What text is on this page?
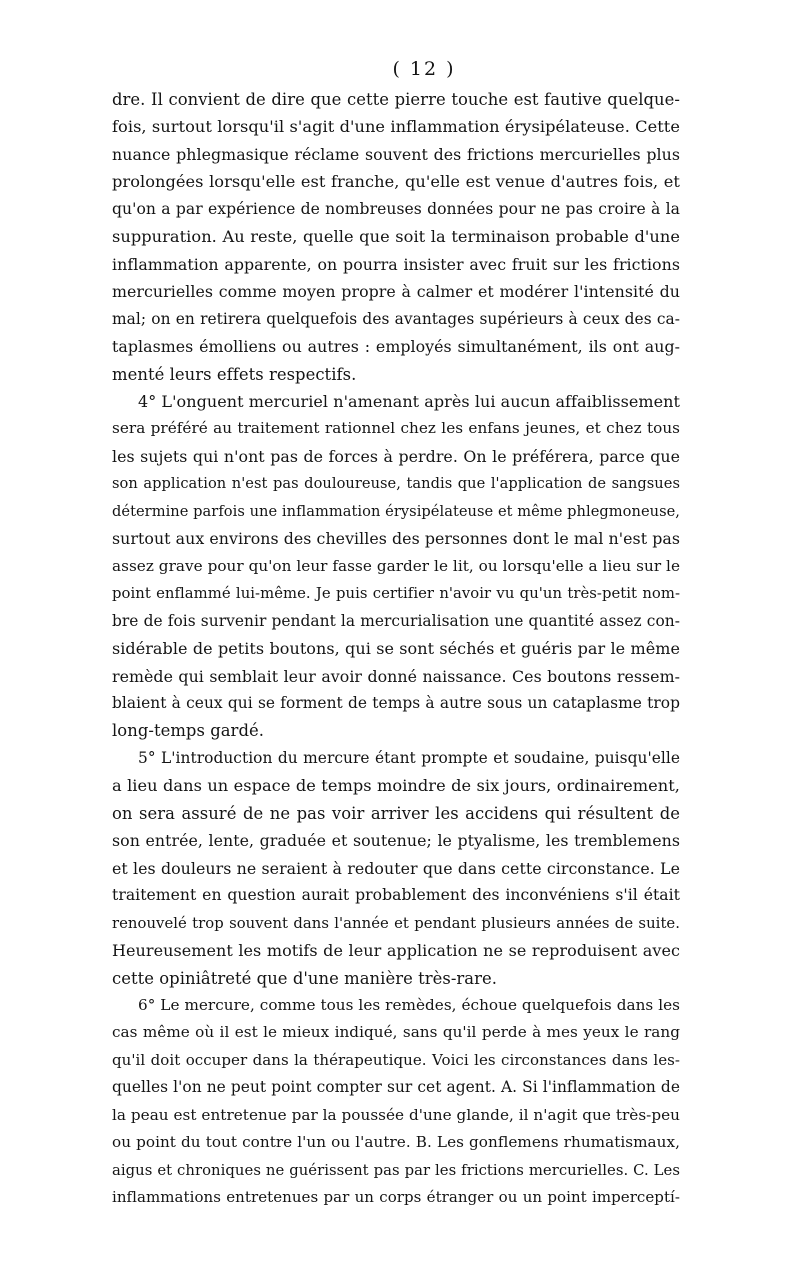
( 12 )
dre. Il convient de dire que cette pierre touche est fautive quelque-
fois, surtout lorsqu'il s'agit d'une inflammation érysipélateuse. Cette
nuance phlegmasique réclame souvent des frictions mercurielles plus
prolongées lorsqu'elle est franche, qu'elle est venue d'autres fois, et
qu'on a par expérience de nombreuses données pour ne pas croire à la
suppuration. Au reste, quelle que soit la terminaison probable d'une
inflammation apparente, on pourra insister avec fruit sur les frictions
mercurielles comme moyen propre à calmer et modérer l'intensité du
mal; on en retirera quelquefois des avantages supérieurs à ceux des ca-
taplasmes émolliens ou autres : employés simultanément, ils ont aug-
menté leurs effets respectifs.
4° L'onguent mercuriel n'amenant après lui aucun affaiblissement
sera préféré au traitement rationnel chez les enfans jeunes, et chez tous
les sujets qui n'ont pas de forces à perdre. On le préférera, parce que
son application n'est pas douloureuse, tandis que l'application de sangsues
détermine parfois une inflammation érysipélateuse et même phlegmoneuse,
surtout aux environs des chevilles des personnes dont le mal n'est pas
assez grave pour qu'on leur fasse garder le lit, ou lorsqu'elle a lieu sur le
point enflammé lui-même. Je puis certifier n'avoir vu qu'un très-petit nom-
bre de fois survenir pendant la mercurialisation une quantité assez con-
sidérable de petits boutons, qui se sont séchés et guéris par le même
remède qui semblait leur avoir donné naissance. Ces boutons ressem-
blaient à ceux qui se forment de temps à autre sous un cataplasme trop
long-temps gardé.
5° L'introduction du mercure étant prompte et soudaine, puisqu'elle
a lieu dans un espace de temps moindre de six jours, ordinairement,
on sera assuré de ne pas voir arriver les accidens qui résultent de
son entrée, lente, graduée et soutenue; le ptyalisme, les tremblemens
et les douleurs ne seraient à redouter que dans cette circonstance. Le
traitement en question aurait probablement des inconvéniens s'il était
renouvelé trop souvent dans l'année et pendant plusieurs années de suite.
Heureusement les motifs de leur application ne se reproduisent avec
cette opiniâtreté que d'une manière très-rare.
6° Le mercure, comme tous les remèdes, échoue quelquefois dans les
cas même où il est le mieux indiqué, sans qu'il perde à mes yeux le rang
qu'il doit occuper dans la thérapeutique. Voici les circonstances dans les-
quelles l'on ne peut point compter sur cet agent. A. Si l'inflammation de
la peau est entretenue par la poussée d'une glande, il n'agit que très-peu
ou point du tout contre l'un ou l'autre. B. Les gonflemens rhumatismaux,
aigus et chroniques ne guérissent pas par les frictions mercurielles. C. Les
inflammations entretenues par un corps étranger ou un point imperceptí-
